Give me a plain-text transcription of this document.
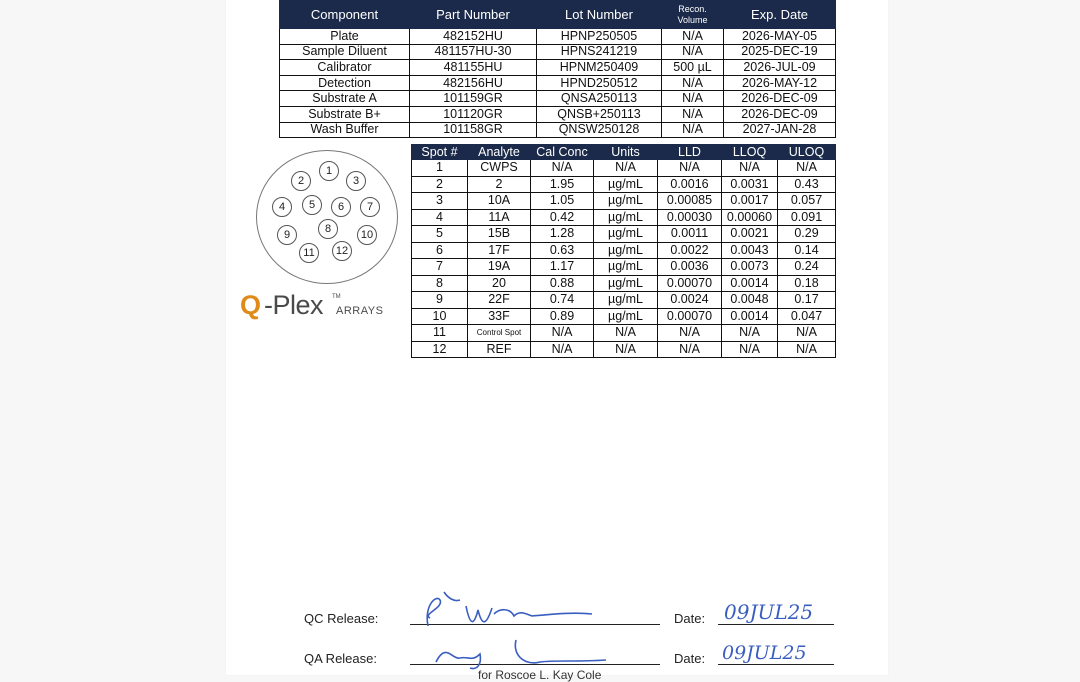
Component	Part Number	Lot Number	Recon. Volume	Exp. Date
Plate	482152HU	HPNP250505	N/A	2026-MAY-05
Sample Diluent	481157HU-30	HPNS241219	N/A	2025-DEC-19
Calibrator	481155HU	HPNM250409	500 µL	2026-JUL-09
Detection	482156HU	HPND250512	N/A	2026-MAY-12
Substrate A	101159GR	QNSA250113	N/A	2026-DEC-09
Substrate B+	101120GR	QNSB+250113	N/A	2026-DEC-09
Wash Buffer	101158GR	QNSW250128	N/A	2027-JAN-28
1
2	3
4	5	6	7
8
9	10
11	12
Q -Plex TM
ARRAYS
Spot #	Analyte	Cal Conc	Units	LLD	LLOQ	ULOQ
1	CWPS	N/A	N/A	N/A	N/A	N/A
2	2	1.95	µg/mL	0.0016	0.0031	0.43
3	10A	1.05	µg/mL	0.00085	0.0017	0.057
4	11A	0.42	µg/mL	0.00030	0.00060	0.091
5	15B	1.28	µg/mL	0.0011	0.0021	0.29
6	17F	0.63	µg/mL	0.0022	0.0043	0.14
7	19A	1.17	µg/mL	0.0036	0.0073	0.24
8	20	0.88	µg/mL	0.00070	0.0014	0.18
9	22F	0.74	µg/mL	0.0024	0.0048	0.17
10	33F	0.89	µg/mL	0.00070	0.0014	0.047
11	Control Spot	N/A	N/A	N/A	N/A	N/A
12	REF	N/A	N/A	N/A	N/A	N/A
QC Release:	Date: 09JUL25
QA Release:	Date: 09JUL25
for Roscoe L. Kay Cole
